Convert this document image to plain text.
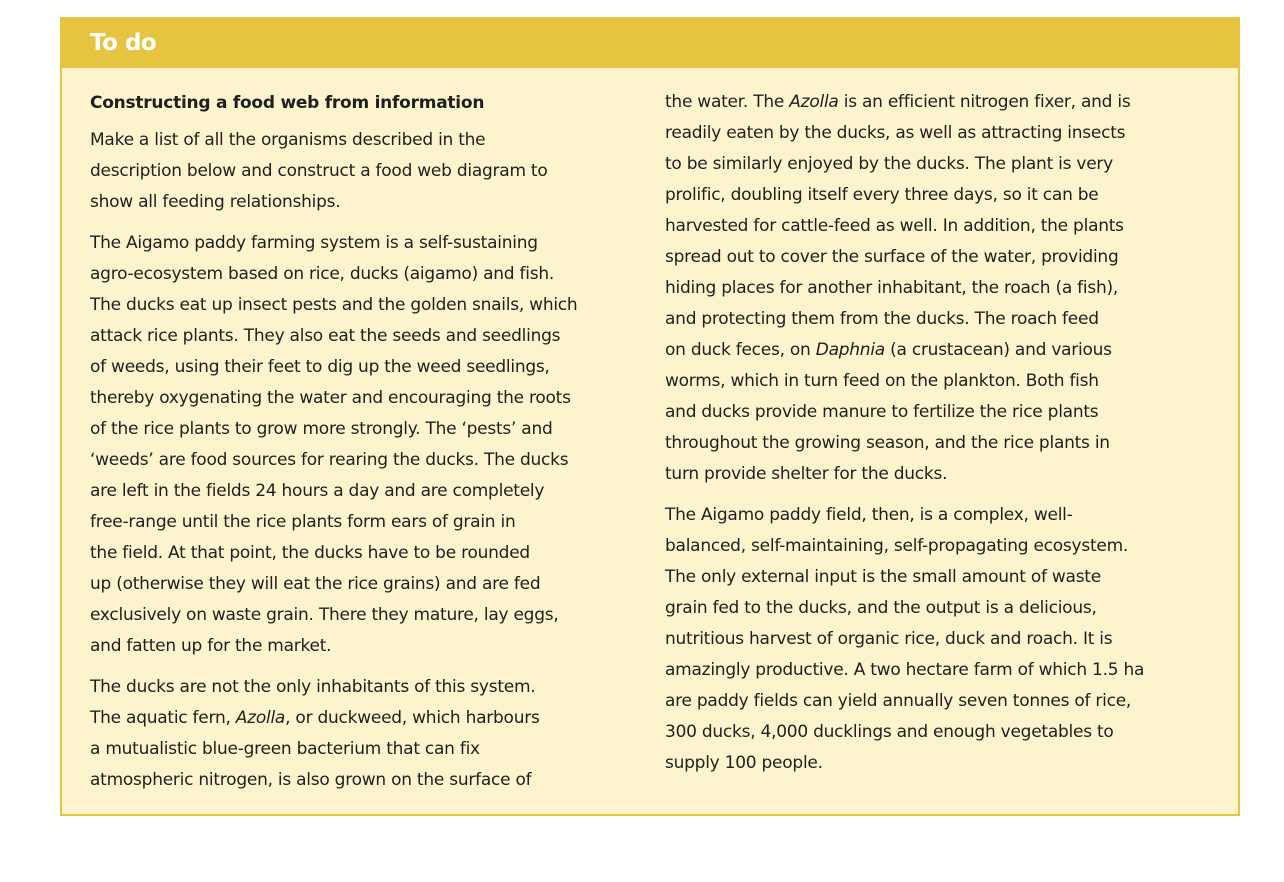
To do
Constructing a food web from information

Make a list of all the organisms described in the
description below and construct a food web diagram to
show all feeding relationships.

The Aigamo paddy farming system is a self-sustaining
agro-ecosystem based on rice, ducks (aigamo) and fish.
The ducks eat up insect pests and the golden snails, which
attack rice plants. They also eat the seeds and seedlings
of weeds, using their feet to dig up the weed seedlings,
thereby oxygenating the water and encouraging the roots
of the rice plants to grow more strongly. The ‘pests’ and
‘weeds’ are food sources for rearing the ducks. The ducks
are left in the fields 24 hours a day and are completely
free-range until the rice plants form ears of grain in
the field. At that point, the ducks have to be rounded
up (otherwise they will eat the rice grains) and are fed
exclusively on waste grain. There they mature, lay eggs,
and fatten up for the market.

The ducks are not the only inhabitants of this system.
The aquatic fern, Azolla, or duckweed, which harbours
a mutualistic blue-green bacterium that can fix
atmospheric nitrogen, is also grown on the surface of

the water. The Azolla is an efficient nitrogen fixer, and is
readily eaten by the ducks, as well as attracting insects
to be similarly enjoyed by the ducks. The plant is very
prolific, doubling itself every three days, so it can be
harvested for cattle-feed as well. In addition, the plants
spread out to cover the surface of the water, providing
hiding places for another inhabitant, the roach (a fish),
and protecting them from the ducks. The roach feed
on duck feces, on Daphnia (a crustacean) and various
worms, which in turn feed on the plankton. Both fish
and ducks provide manure to fertilize the rice plants
throughout the growing season, and the rice plants in
turn provide shelter for the ducks.

The Aigamo paddy field, then, is a complex, well-
balanced, self-maintaining, self-propagating ecosystem.
The only external input is the small amount of waste
grain fed to the ducks, and the output is a delicious,
nutritious harvest of organic rice, duck and roach. It is
amazingly productive. A two hectare farm of which 1.5 ha
are paddy fields can yield annually seven tonnes of rice,
300 ducks, 4,000 ducklings and enough vegetables to
supply 100 people.
